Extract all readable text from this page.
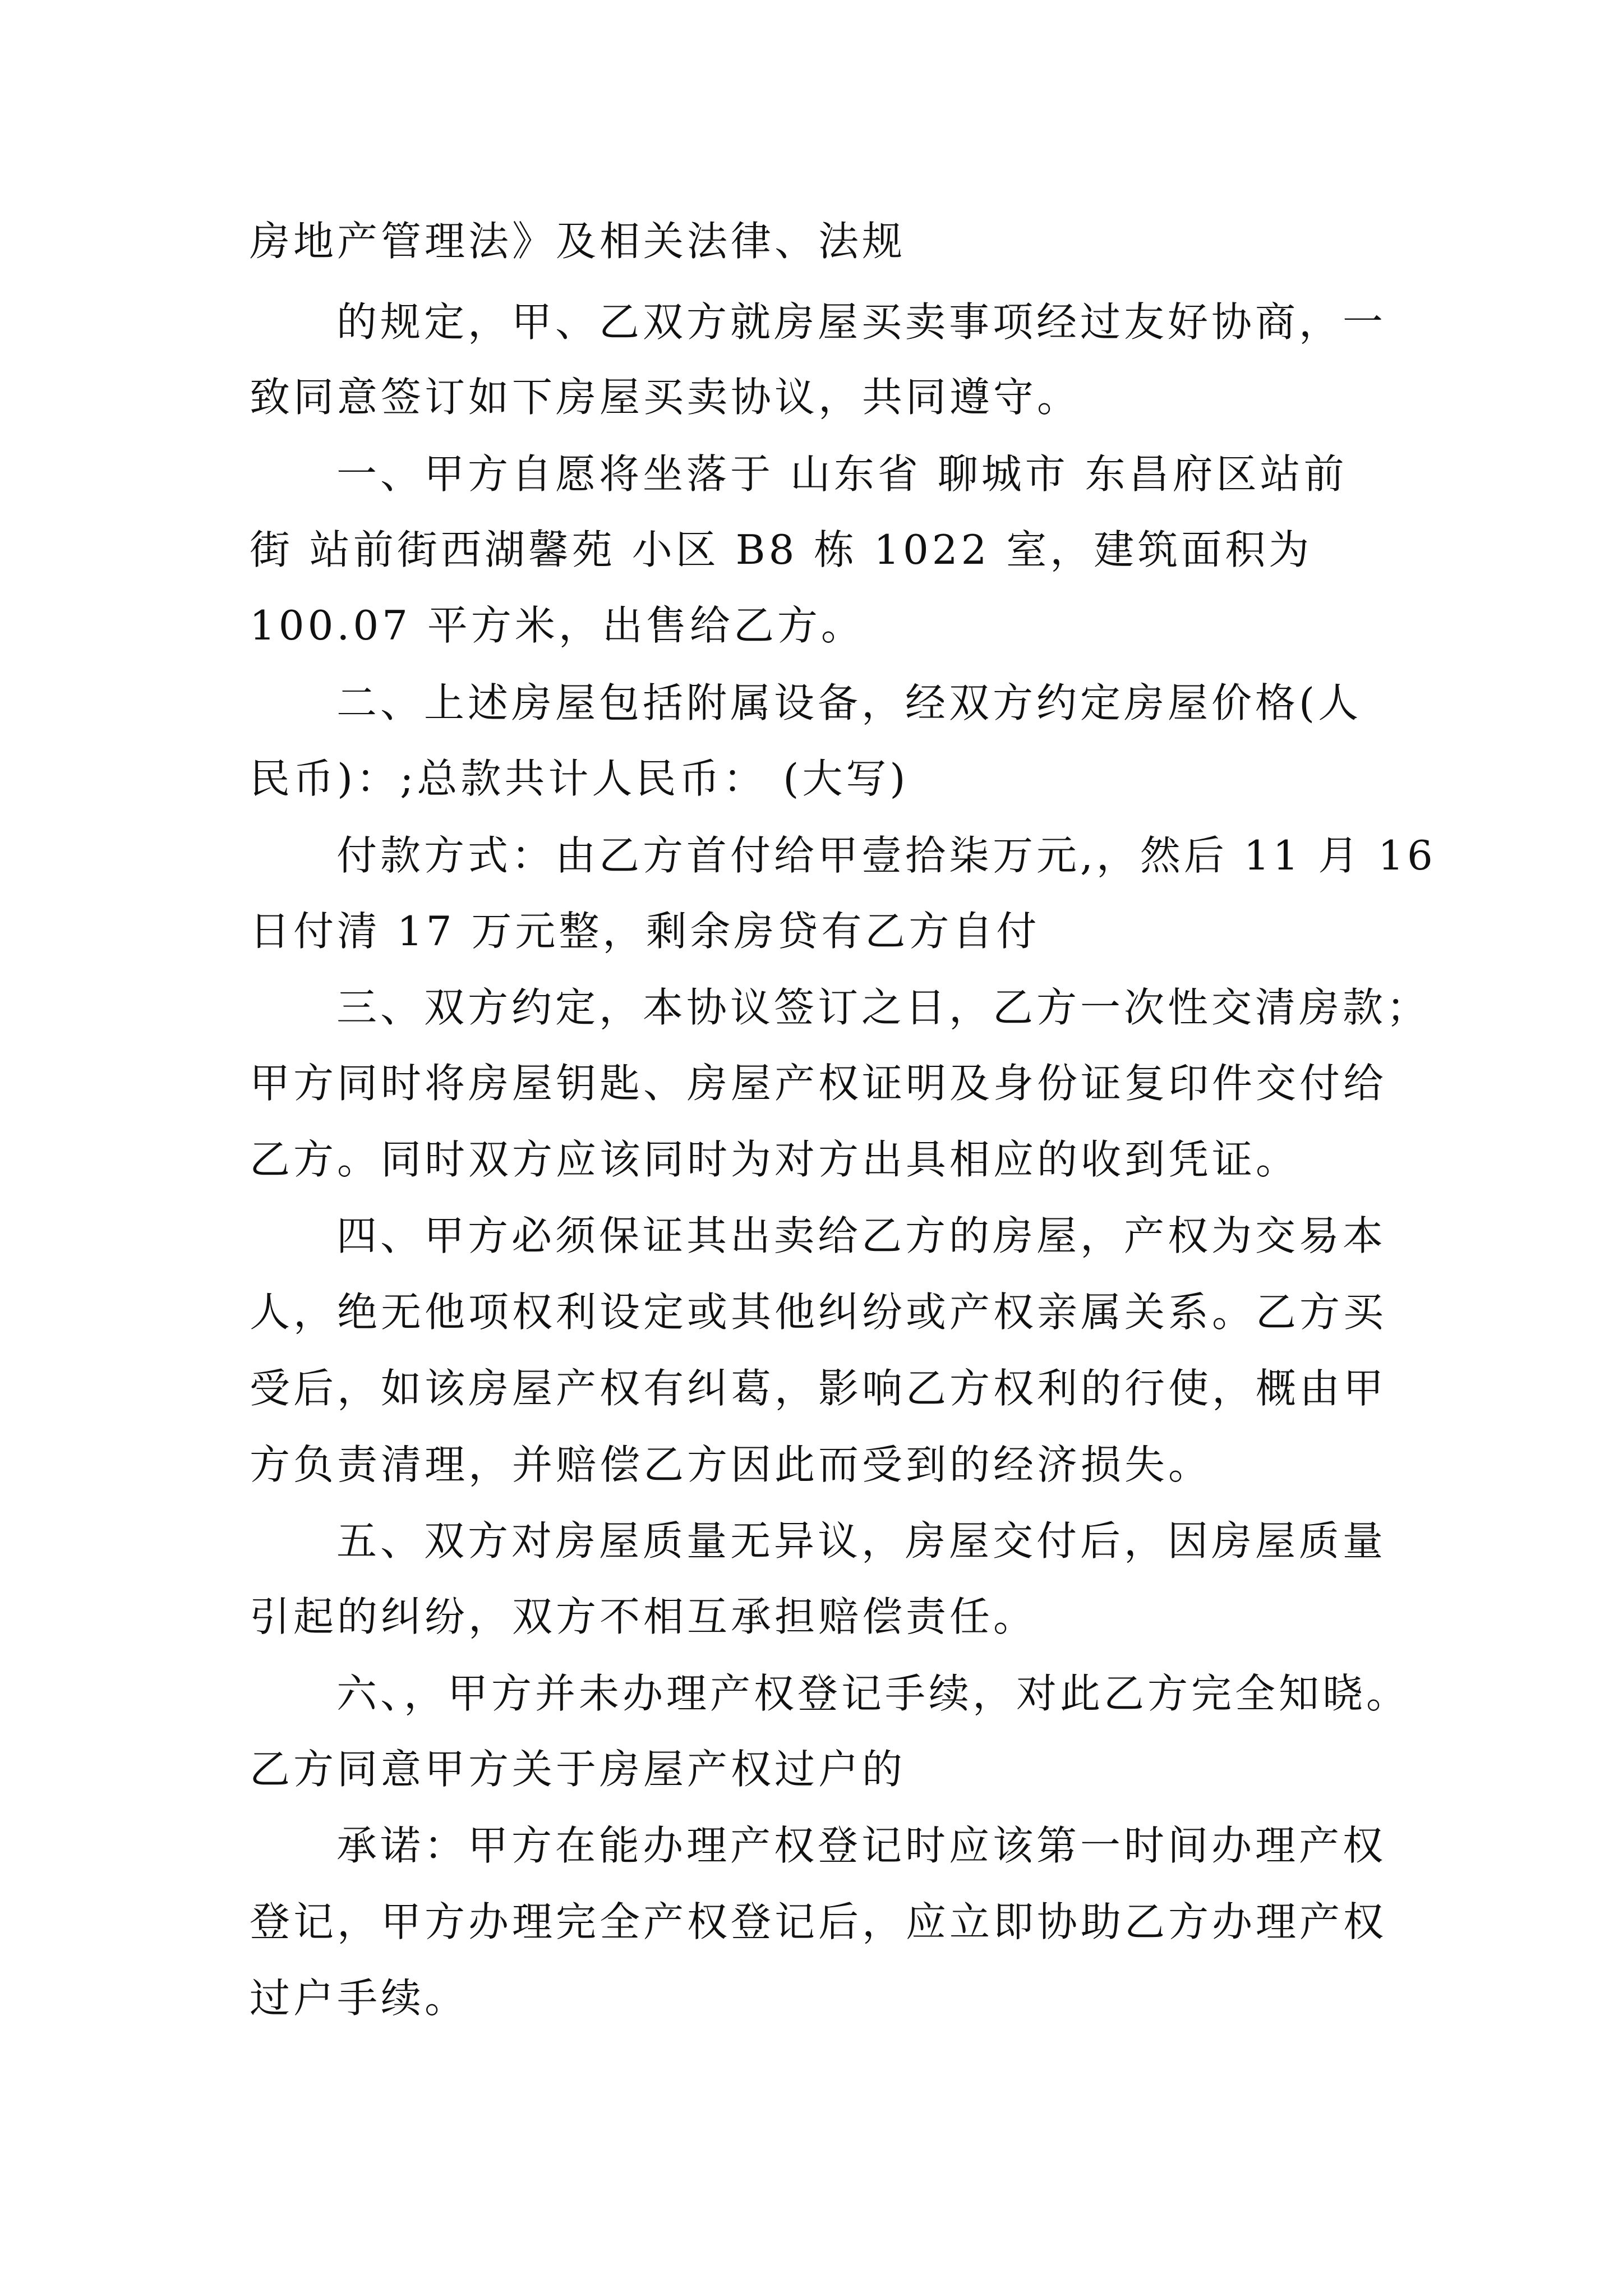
房地产管理法》及相关法律、法规
的规定，甲、乙双方就房屋买卖事项经过友好协商，一
致同意签订如下房屋买卖协议，共同遵守。
一、甲方自愿将坐落于 山东省 聊城市 东昌府区站前
街 站前街西湖馨苑 小区 B8 栋 1022 室，建筑面积为
100.07 平方米，出售给乙方。
二、上述房屋包括附属设备，经双方约定房屋价格(人
民币)：;总款共计人民币： (大写)
付款方式：由乙方首付给甲壹拾柒万元,，然后 11 月 16
日付清 17 万元整，剩余房贷有乙方自付
三、双方约定，本协议签订之日，乙方一次性交清房款；
甲方同时将房屋钥匙、房屋产权证明及身份证复印件交付给
乙方。同时双方应该同时为对方出具相应的收到凭证。
四、甲方必须保证其出卖给乙方的房屋，产权为交易本
人，绝无他项权利设定或其他纠纷或产权亲属关系。乙方买
受后，如该房屋产权有纠葛，影响乙方权利的行使，概由甲
方负责清理，并赔偿乙方因此而受到的经济损失。
五、双方对房屋质量无异议，房屋交付后，因房屋质量
引起的纠纷，双方不相互承担赔偿责任。
六、，甲方并未办理产权登记手续，对此乙方完全知晓。
乙方同意甲方关于房屋产权过户的
承诺：甲方在能办理产权登记时应该第一时间办理产权
登记，甲方办理完全产权登记后，应立即协助乙方办理产权
过户手续。
